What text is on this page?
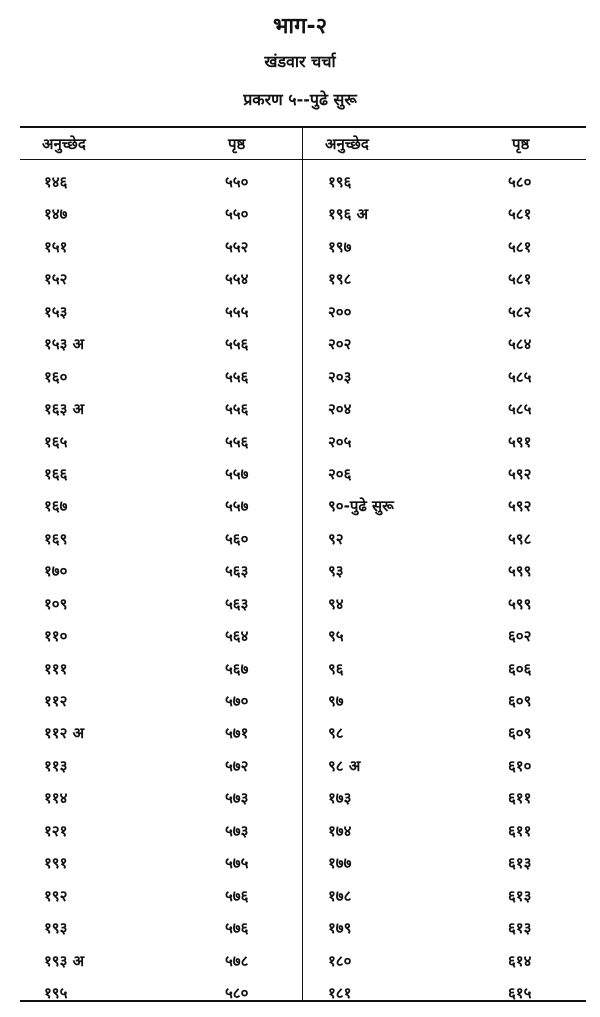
भाग-२
खंडवार चर्चा
प्रकरण ५--पुढे सुरू
अनुच्छेद	पृष्ठ	अनुच्छेद	पृष्ठ
१४६	५५०	१९६	५८०
१४७	५५०	१९६ अ	५८१
१५१	५५२	१९७	५८१
१५२	५५४	१९८	५८१
१५३	५५५	२००	५८२
१५३ अ	५५६	२०२	५८४
१६०	५५६	२०३	५८५
१६३ अ	५५६	२०४	५८५
१६५	५५६	२०५	५९१
१६६	५५७	२०६	५९२
१६७	५५७	९०-पुढे सुरू	५९२
१६९	५६०	९२	५९८
१७०	५६३	९३	५९९
१०९	५६३	९४	५९९
११०	५६४	९५	६०२
१११	५६७	९६	६०६
११२	५७०	९७	६०९
११२ अ	५७१	९८	६०९
११३	५७२	९८ अ	६१०
११४	५७३	१७३	६११
१२१	५७३	१७४	६११
१९१	५७५	१७७	६१३
१९२	५७६	१७८	६१३
१९३	५७६	१७९	६१३
१९३ अ	५७८	१८०	६१४
१९५	५८०	१८१	६१५
